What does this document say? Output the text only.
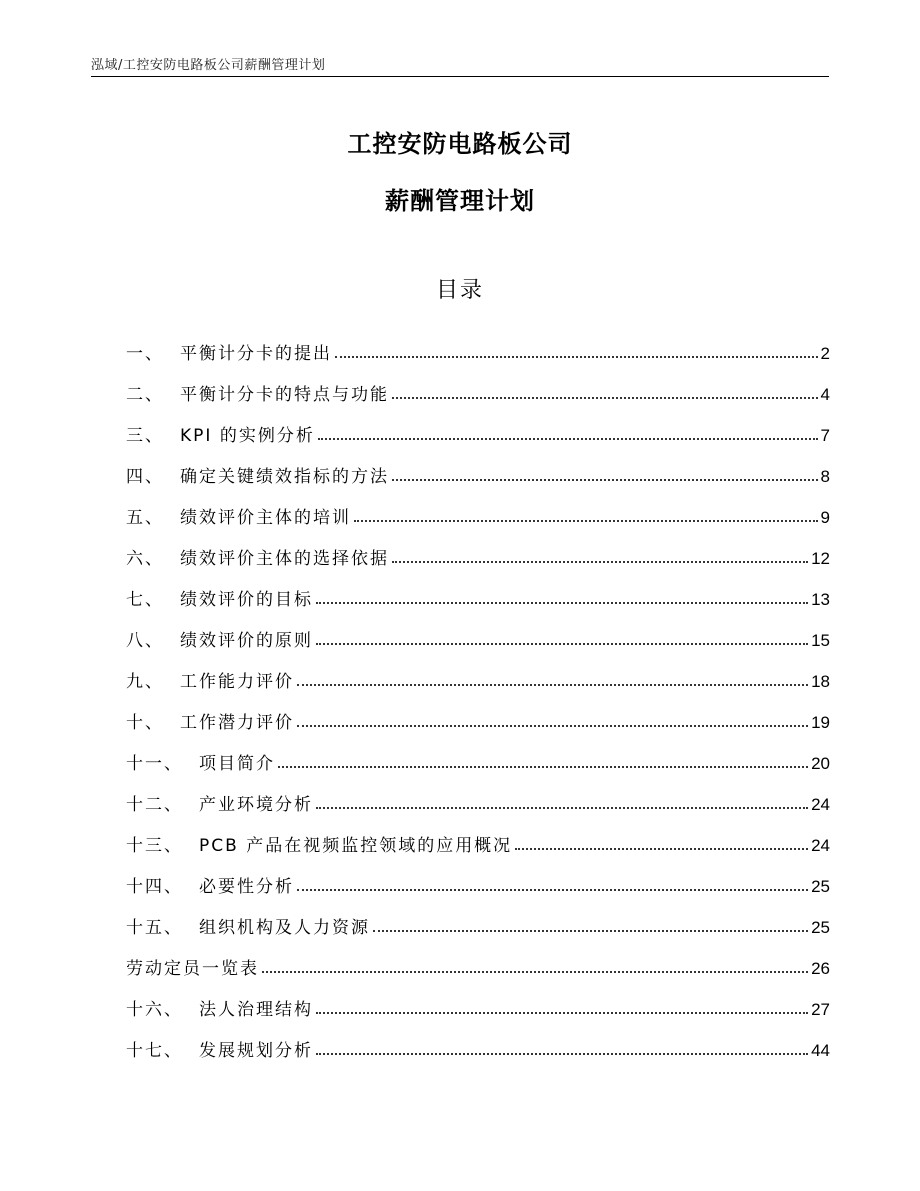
泓域/工控安防电路板公司薪酬管理计划
工控安防电路板公司
薪酬管理计划
目录
一、 平衡计分卡的提出	2
二、 平衡计分卡的特点与功能	4
三、 KPI 的实例分析	7
四、 确定关键绩效指标的方法	8
五、 绩效评价主体的培训	9
六、 绩效评价主体的选择依据	12
七、 绩效评价的目标	13
八、 绩效评价的原则	15
九、 工作能力评价	18
十、 工作潜力评价	19
十一、 项目简介	20
十二、 产业环境分析	24
十三、 PCB 产品在视频监控领域的应用概况	24
十四、 必要性分析	25
十五、 组织机构及人力资源	25
劳动定员一览表	26
十六、 法人治理结构	27
十七、 发展规划分析	44
